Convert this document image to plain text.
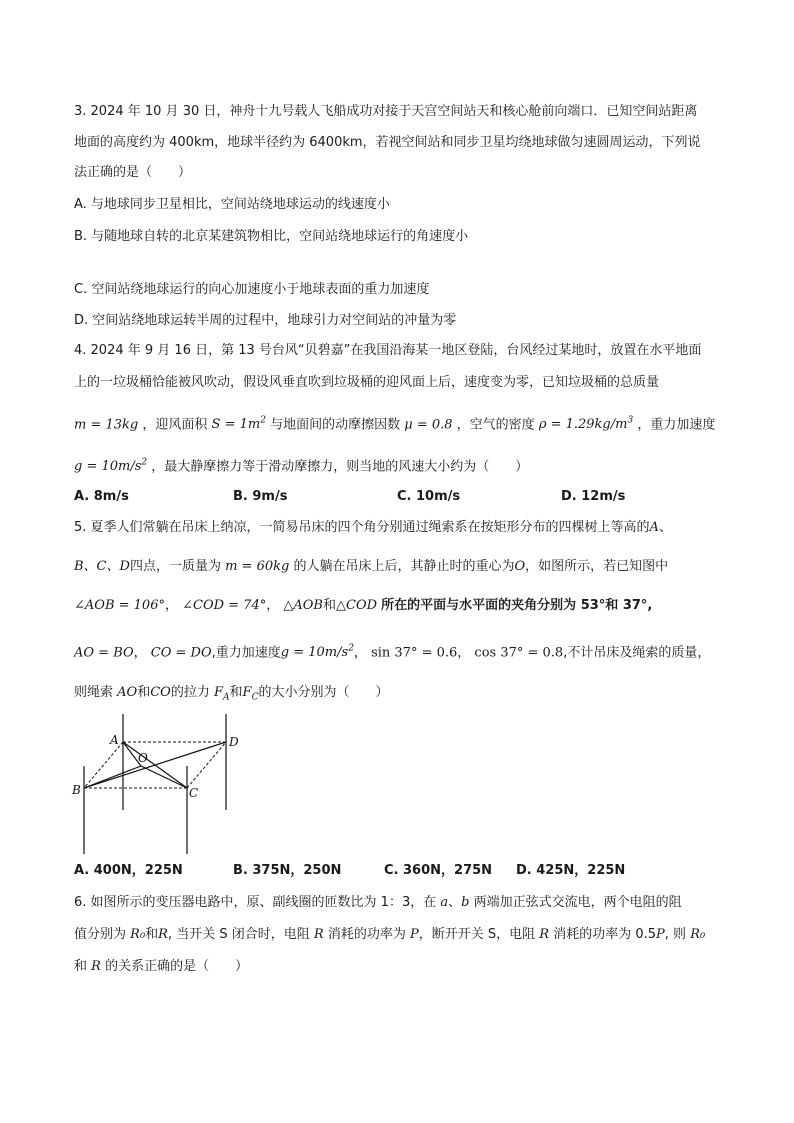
3. 2024 年 10 月 30 日，神舟十九号载人飞船成功对接于天宫空间站天和核心舱前向端口．已知空间站距离
地面的高度约为 400km，地球半径约为 6400km，若视空间站和同步卫星均绕地球做匀速圆周运动，下列说
法正确的是（　　）
A. 与地球同步卫星相比，空间站绕地球运动的线速度小
B. 与随地球自转的北京某建筑物相比，空间站绕地球运行的角速度小
C. 空间站绕地球运行的向心加速度小于地球表面的重力加速度
D. 空间站绕地球运转半周的过程中，地球引力对空间站的冲量为零
4. 2024 年 9 月 16 日，第 13 号台风“贝碧嘉”在我国沿海某一地区登陆，台风经过某地时，放置在水平地面
上的一垃圾桶恰能被风吹动，假设风垂直吹到垃圾桶的迎风面上后，速度变为零，已知垃圾桶的总质量
m = 13kg ，迎风面积 $S = 1m^2$ 与地面间的动摩擦因数 μ = 0.8 ，空气的密度 $\rho = 1.29kg/m^3$ ，重力加速度
$g = 10m/s^2$ ，最大静摩擦力等于滑动摩擦力，则当地的风速大小约为（　　）
A. 8m/s	B. 9m/s	C. 10m/s	D. 12m/s
5. 夏季人们常躺在吊床上纳凉，一简易吊床的四个角分别通过绳索系在按矩形分布的四棵树上等高的A、
B、C、D四点，一质量为 m = 60kg 的人躺在吊床上后，其静止时的重心为O，如图所示，若已知图中
∠AOB = 106°， ∠COD = 74°， △AOB和△COD 所在的平面与水平面的夹角分别为 53°和 37°,
AO = BO， CO = DO,重力加速度$g = 10m/s^2$， sin 37° = 0.6， cos 37° = 0.8,不计吊床及绳索的质量，
则绳索 AO和CO的拉力 $F_A$和$F_C$的大小分别为（　　）
A
O
D
B	C
A. 400N，225N	B. 375N，250N	C. 360N，275N D. 425N，225N
6. 如图所示的变压器电路中，原、副线圈的匝数比为 1：3，在 a、b 两端加正弦式交流电，两个电阻的阻
值分别为 R₀和R, 当开关 S 闭合时，电阻 R 消耗的功率为 P，断开开关 S，电阻 R 消耗的功率为 0.5P, 则 R₀
和 R 的关系正确的是（　　）
